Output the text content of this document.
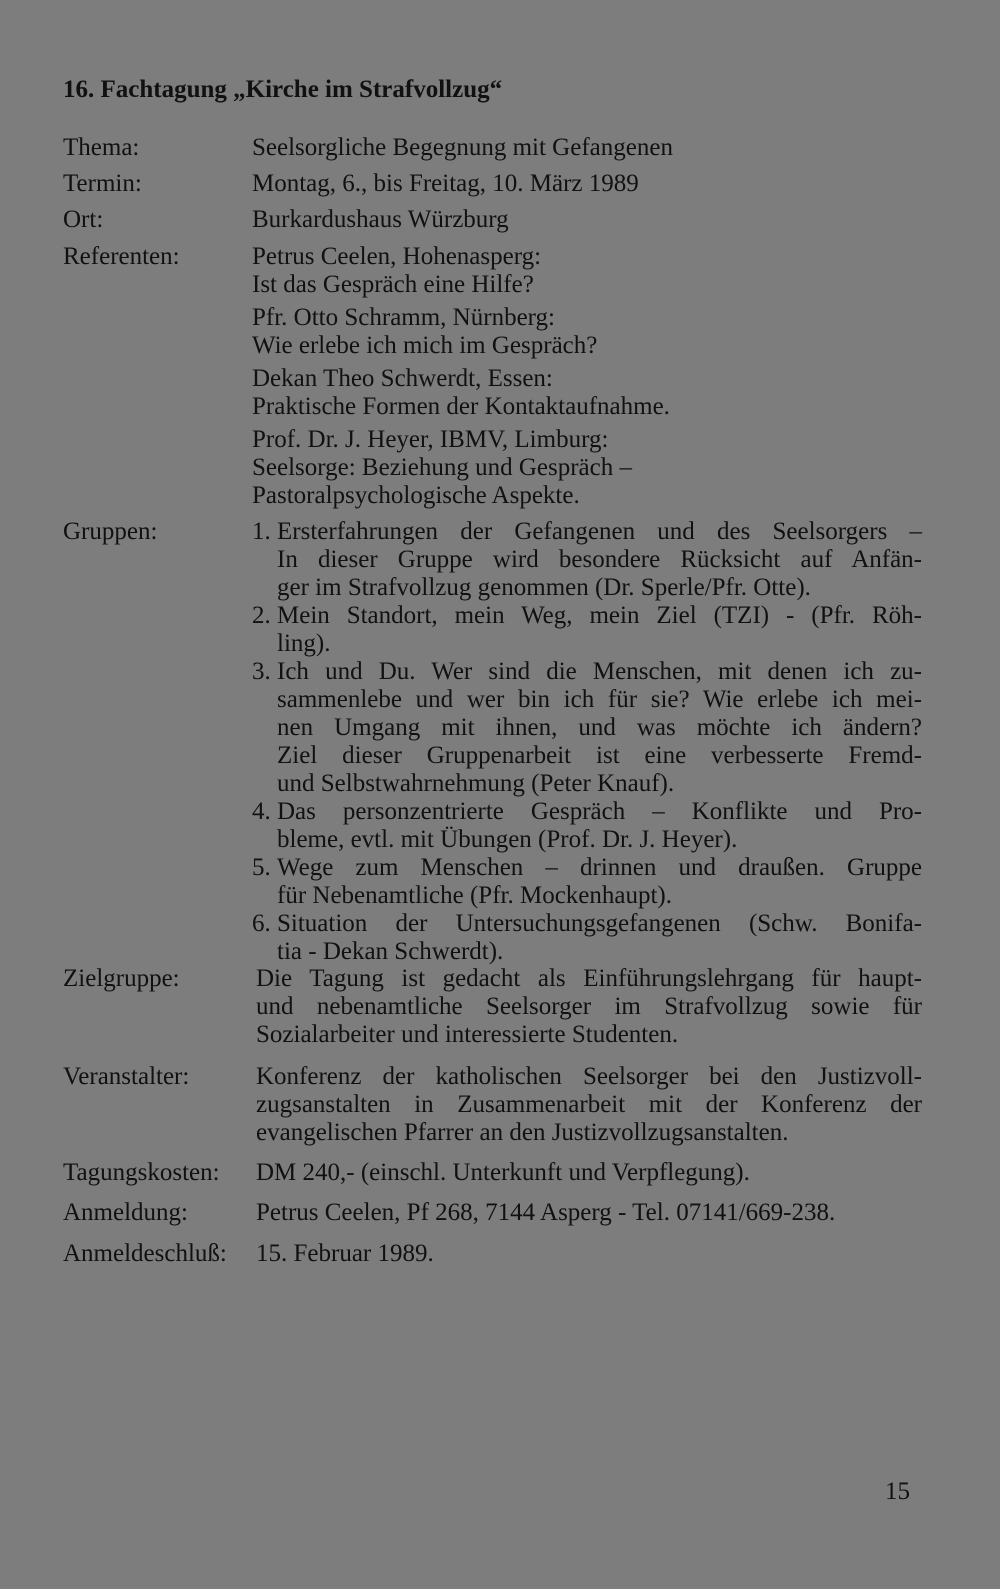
16. Fachtagung „Kirche im Strafvollzug“
Thema:	Seelsorgliche Begegnung mit Gefangenen
Termin:	Montag, 6., bis Freitag, 10. März 1989
Ort:	Burkardushaus Würzburg
Referenten:	Petrus Ceelen, Hohenasperg:
Ist das Gespräch eine Hilfe?
Pfr. Otto Schramm, Nürnberg:
Wie erlebe ich mich im Gespräch?
Dekan Theo Schwerdt, Essen:
Praktische Formen der Kontaktaufnahme.
Prof. Dr. J. Heyer, IBMV, Limburg:
Seelsorge: Beziehung und Gespräch –
Pastoralpsychologische Aspekte.
Gruppen:	1. Ersterfahrungen der Gefangenen und des Seelsorgers –
In dieser Gruppe wird besondere Rücksicht auf Anfän-
ger im Strafvollzug genommen (Dr. Sperle/Pfr. Otte).
2. Mein Standort, mein Weg, mein Ziel (TZI) - (Pfr. Röh-
ling).
3. Ich und Du. Wer sind die Menschen, mit denen ich zu-
sammenlebe und wer bin ich für sie? Wie erlebe ich mei-
nen Umgang mit ihnen, und was möchte ich ändern?
Ziel dieser Gruppenarbeit ist eine verbesserte Fremd-
und Selbstwahrnehmung (Peter Knauf).
4. Das personzentrierte Gespräch – Konflikte und Pro-
bleme, evtl. mit Übungen (Prof. Dr. J. Heyer).
5. Wege zum Menschen – drinnen und draußen. Gruppe
für Nebenamtliche (Pfr. Mockenhaupt).
6. Situation der Untersuchungsgefangenen (Schw. Bonifa-
tia - Dekan Schwerdt).
Zielgruppe:	Die Tagung ist gedacht als Einführungslehrgang für haupt-
und nebenamtliche Seelsorger im Strafvollzug sowie für
Sozialarbeiter und interessierte Studenten.
Veranstalter:	Konferenz der katholischen Seelsorger bei den Justizvoll-
zugsanstalten in Zusammenarbeit mit der Konferenz der
evangelischen Pfarrer an den Justizvollzugsanstalten.
Tagungskosten: DM 240,- (einschl. Unterkunft und Verpflegung).
Anmeldung:	Petrus Ceelen, Pf 268, 7144 Asperg - Tel. 07141/669-238.
Anmeldeschluß: 15. Februar 1989.
15
